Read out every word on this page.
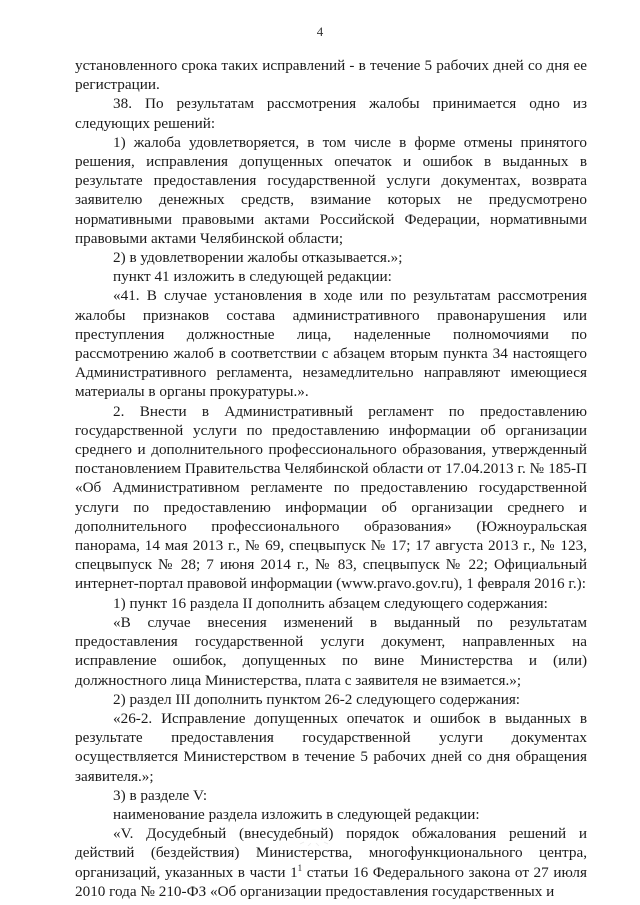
4

установленного срока таких исправлений - в течение 5 рабочих дней со дня ее регистрации.

38. По результатам рассмотрения жалобы принимается одно из следующих решений:

1) жалоба удовлетворяется, в том числе в форме отмены принятого решения, исправления допущенных опечаток и ошибок в выданных в результате предоставления государственной услуги документах, возврата заявителю денежных средств, взимание которых не предусмотрено нормативными правовыми актами Российской Федерации, нормативными правовыми актами Челябинской области;

2) в удовлетворении жалобы отказывается.»;

пункт 41 изложить в следующей редакции:

«41. В случае установления в ходе или по результатам рассмотрения жалобы признаков состава административного правонарушения или преступления должностные лица, наделенные полномочиями по рассмотрению жалоб в соответствии с абзацем вторым пункта 34 настоящего Административного регламента, незамедлительно направляют имеющиеся материалы в органы прокуратуры.».

2. Внести в Административный регламент по предоставлению государственной услуги по предоставлению информации об организации среднего и дополнительного профессионального образования, утвержденный постановлением Правительства Челябинской области от 17.04.2013 г. № 185-П «Об Административном регламенте по предоставлению государственной услуги по предоставлению информации об организации среднего и дополнительного профессионального образования» (Южноуральская панорама, 14 мая 2013 г., № 69, спецвыпуск № 17; 17 августа 2013 г., № 123, спецвыпуск № 28; 7 июня 2014 г., № 83, спецвыпуск № 22; Официальный интернет-портал правовой информации (www.pravo.gov.ru), 1 февраля 2016 г.):

1) пункт 16 раздела II дополнить абзацем следующего содержания:

«В случае внесения изменений в выданный по результатам предоставления государственной услуги документ, направленных на исправление ошибок, допущенных по вине Министерства и (или) должностного лица Министерства, плата с заявителя не взимается.»;

2) раздел III дополнить пунктом 26-2 следующего содержания:

«26-2. Исправление допущенных опечаток и ошибок в выданных в результате предоставления государственной услуги документах осуществляется Министерством в течение 5 рабочих дней со дня обращения заявителя.»;

3) в разделе V:

наименование раздела изложить в следующей редакции:

«V. Досудебный (внесудебный) порядок обжалования решений и действий (бездействия) Министерства, многофункционального центра, организаций, указанных в части $1^1$ статьи 16 Федерального закона от 27 июля 2010 года № 210-ФЗ «Об организации предоставления государственных и
